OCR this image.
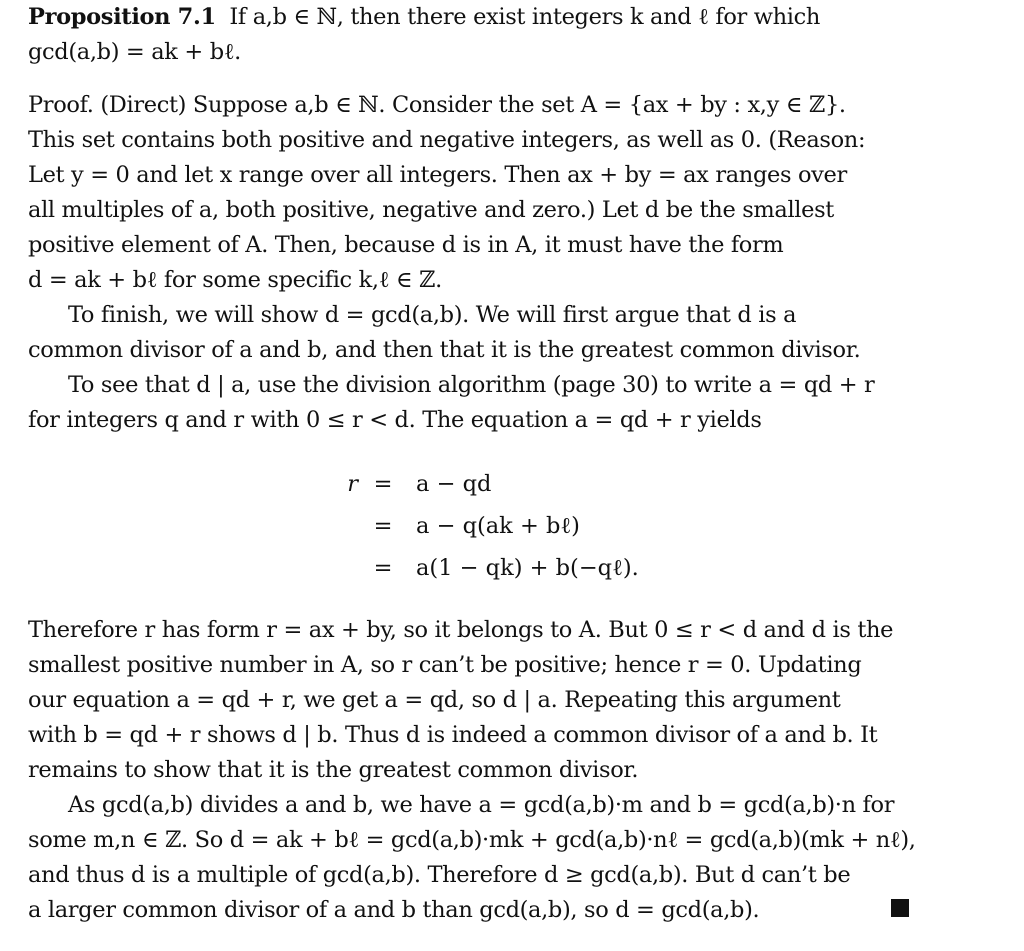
Proposition 7.1  If a,b ∈ ℕ, then there exist integers k and ℓ for which
gcd(a,b) = ak + bℓ.
Proof. (Direct) Suppose a,b ∈ ℕ. Consider the set A = {ax + by : x,y ∈ ℤ}.
This set contains both positive and negative integers, as well as 0. (Reason:
Let y = 0 and let x range over all integers. Then ax + by = ax ranges over
all multiples of a, both positive, negative and zero.) Let d be the smallest
positive element of A. Then, because d is in A, it must have the form
d = ak + bℓ for some specific k,ℓ ∈ ℤ.
To finish, we will show d = gcd(a,b). We will first argue that d is a
common divisor of a and b, and then that it is the greatest common divisor.
To see that d | a, use the division algorithm (page 30) to write a = qd + r
for integers q and r with 0 ≤ r < d. The equation a = qd + r yields
r = a − qd
= a − q(ak + bℓ)
= a(1 − qk) + b(−qℓ).
Therefore r has form r = ax + by, so it belongs to A. But 0 ≤ r < d and d is the
smallest positive number in A, so r can’t be positive; hence r = 0. Updating
our equation a = qd + r, we get a = qd, so d | a. Repeating this argument
with b = qd + r shows d | b. Thus d is indeed a common divisor of a and b. It
remains to show that it is the greatest common divisor.
As gcd(a,b) divides a and b, we have a = gcd(a,b)·m and b = gcd(a,b)·n for
some m,n ∈ ℤ. So d = ak + bℓ = gcd(a,b)·mk + gcd(a,b)·nℓ = gcd(a,b)(mk + nℓ),
and thus d is a multiple of gcd(a,b). Therefore d ≥ gcd(a,b). But d can’t be
a larger common divisor of a and b than gcd(a,b), so d = gcd(a,b).
